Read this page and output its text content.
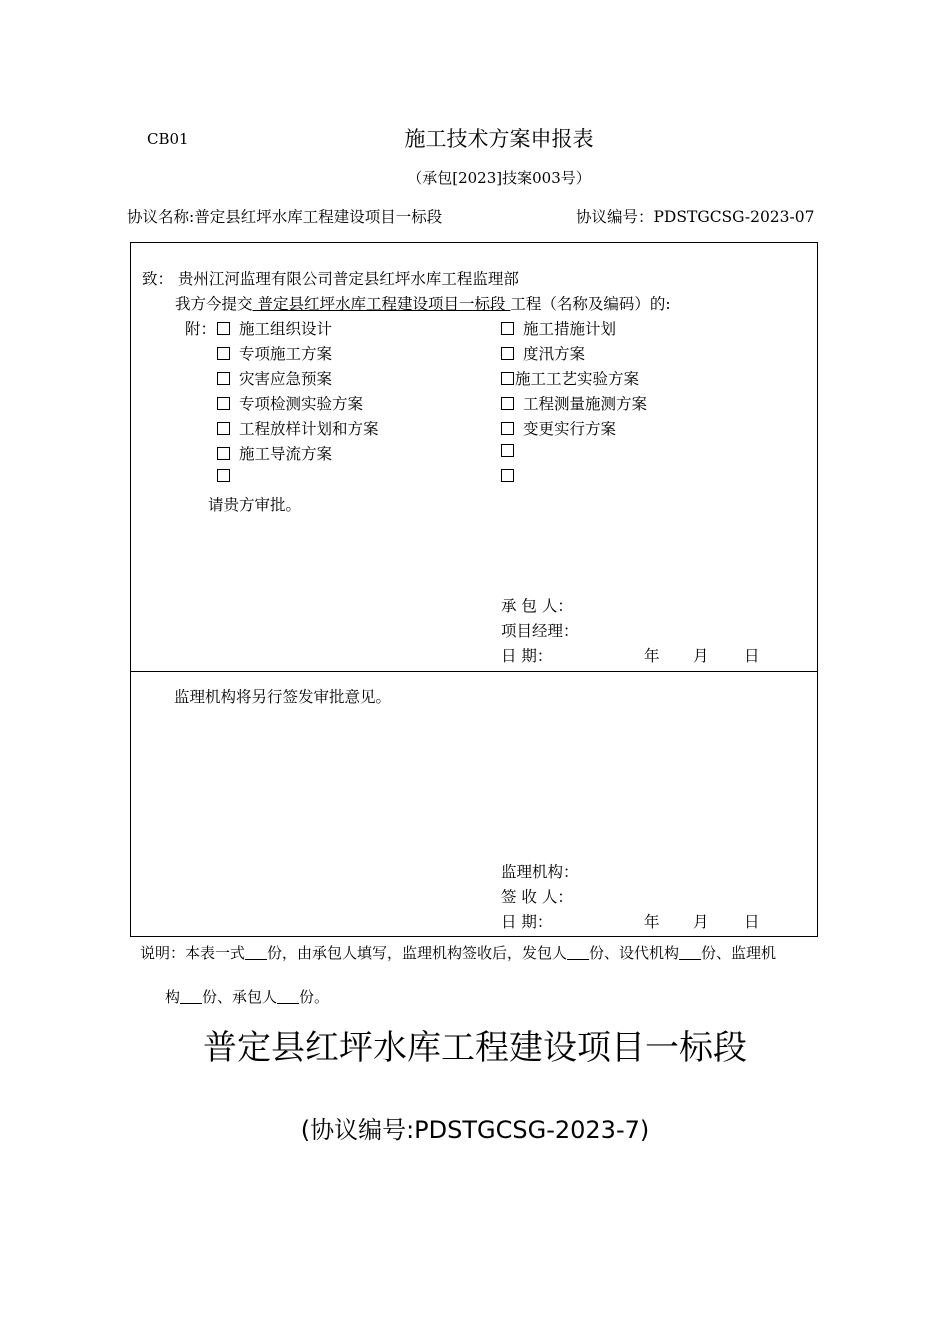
CB01	施工技术方案申报表
（承包[2023]技案003号）
协议名称:普定县红坪水库工程建设项目一标段	协议编号：PDSTGCSG-2023-07
致： 贵州江河监理有限公司普定县红坪水库工程监理部
我方今提交 普定县红坪水库工程建设项目一标段 工程（名称及编码）的:
附：	施工组织设计
专项施工方案
灾害应急预案
专项检测实验方案
工程放样计划和方案
施工导流方案
施工措施计划
度汛方案
施工工艺实验方案
工程测量施测方案
变更实行方案
请贵方审批。
承 包 人：
项目经理：
日 期：	年 月 日
监理机构将另行签发审批意见。
监理机构：
签 收 人：
日 期：	年 月 日
说明：本表一式 份，由承包人填写，监理机构签收后，发包人 份、设代机构 份、监理机
构 份、承包人 份。
普定县红坪水库工程建设项目一标段
(协议编号:PDSTGCSG-2023-7)
